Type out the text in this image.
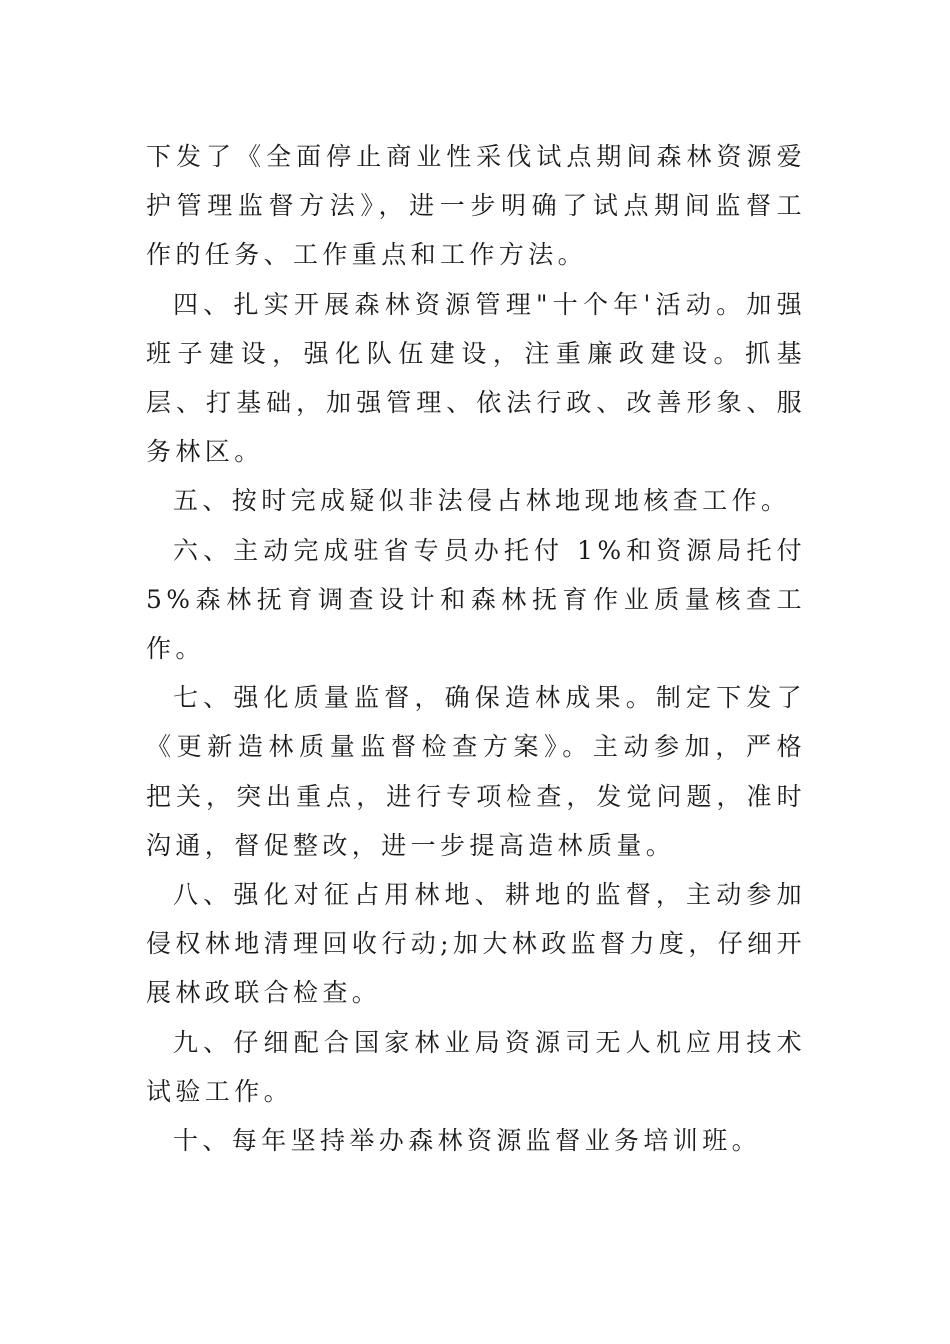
下发了《全面停止商业性采伐试点期间森林资源爱护管理监督方法》，进一步明确了试点期间监督工作的任务、工作重点和工作方法。

四、扎实开展森林资源管理"十个年'活动。加强班子建设，强化队伍建设，注重廉政建设。抓基层、打基础，加强管理、依法行政、改善形象、服务林区。

五、按时完成疑似非法侵占林地现地核查工作。

六、主动完成驻省专员办托付 1%和资源局托付 5%森林抚育调查设计和森林抚育作业质量核查工作。

七、强化质量监督，确保造林成果。制定下发了《更新造林质量监督检查方案》。主动参加，严格把关，突出重点，进行专项检查，发觉问题，准时沟通，督促整改，进一步提高造林质量。

八、强化对征占用林地、耕地的监督，主动参加侵权林地清理回收行动;加大林政监督力度，仔细开展林政联合检查。

九、仔细配合国家林业局资源司无人机应用技术试验工作。

十、每年坚持举办森林资源监督业务培训班。
